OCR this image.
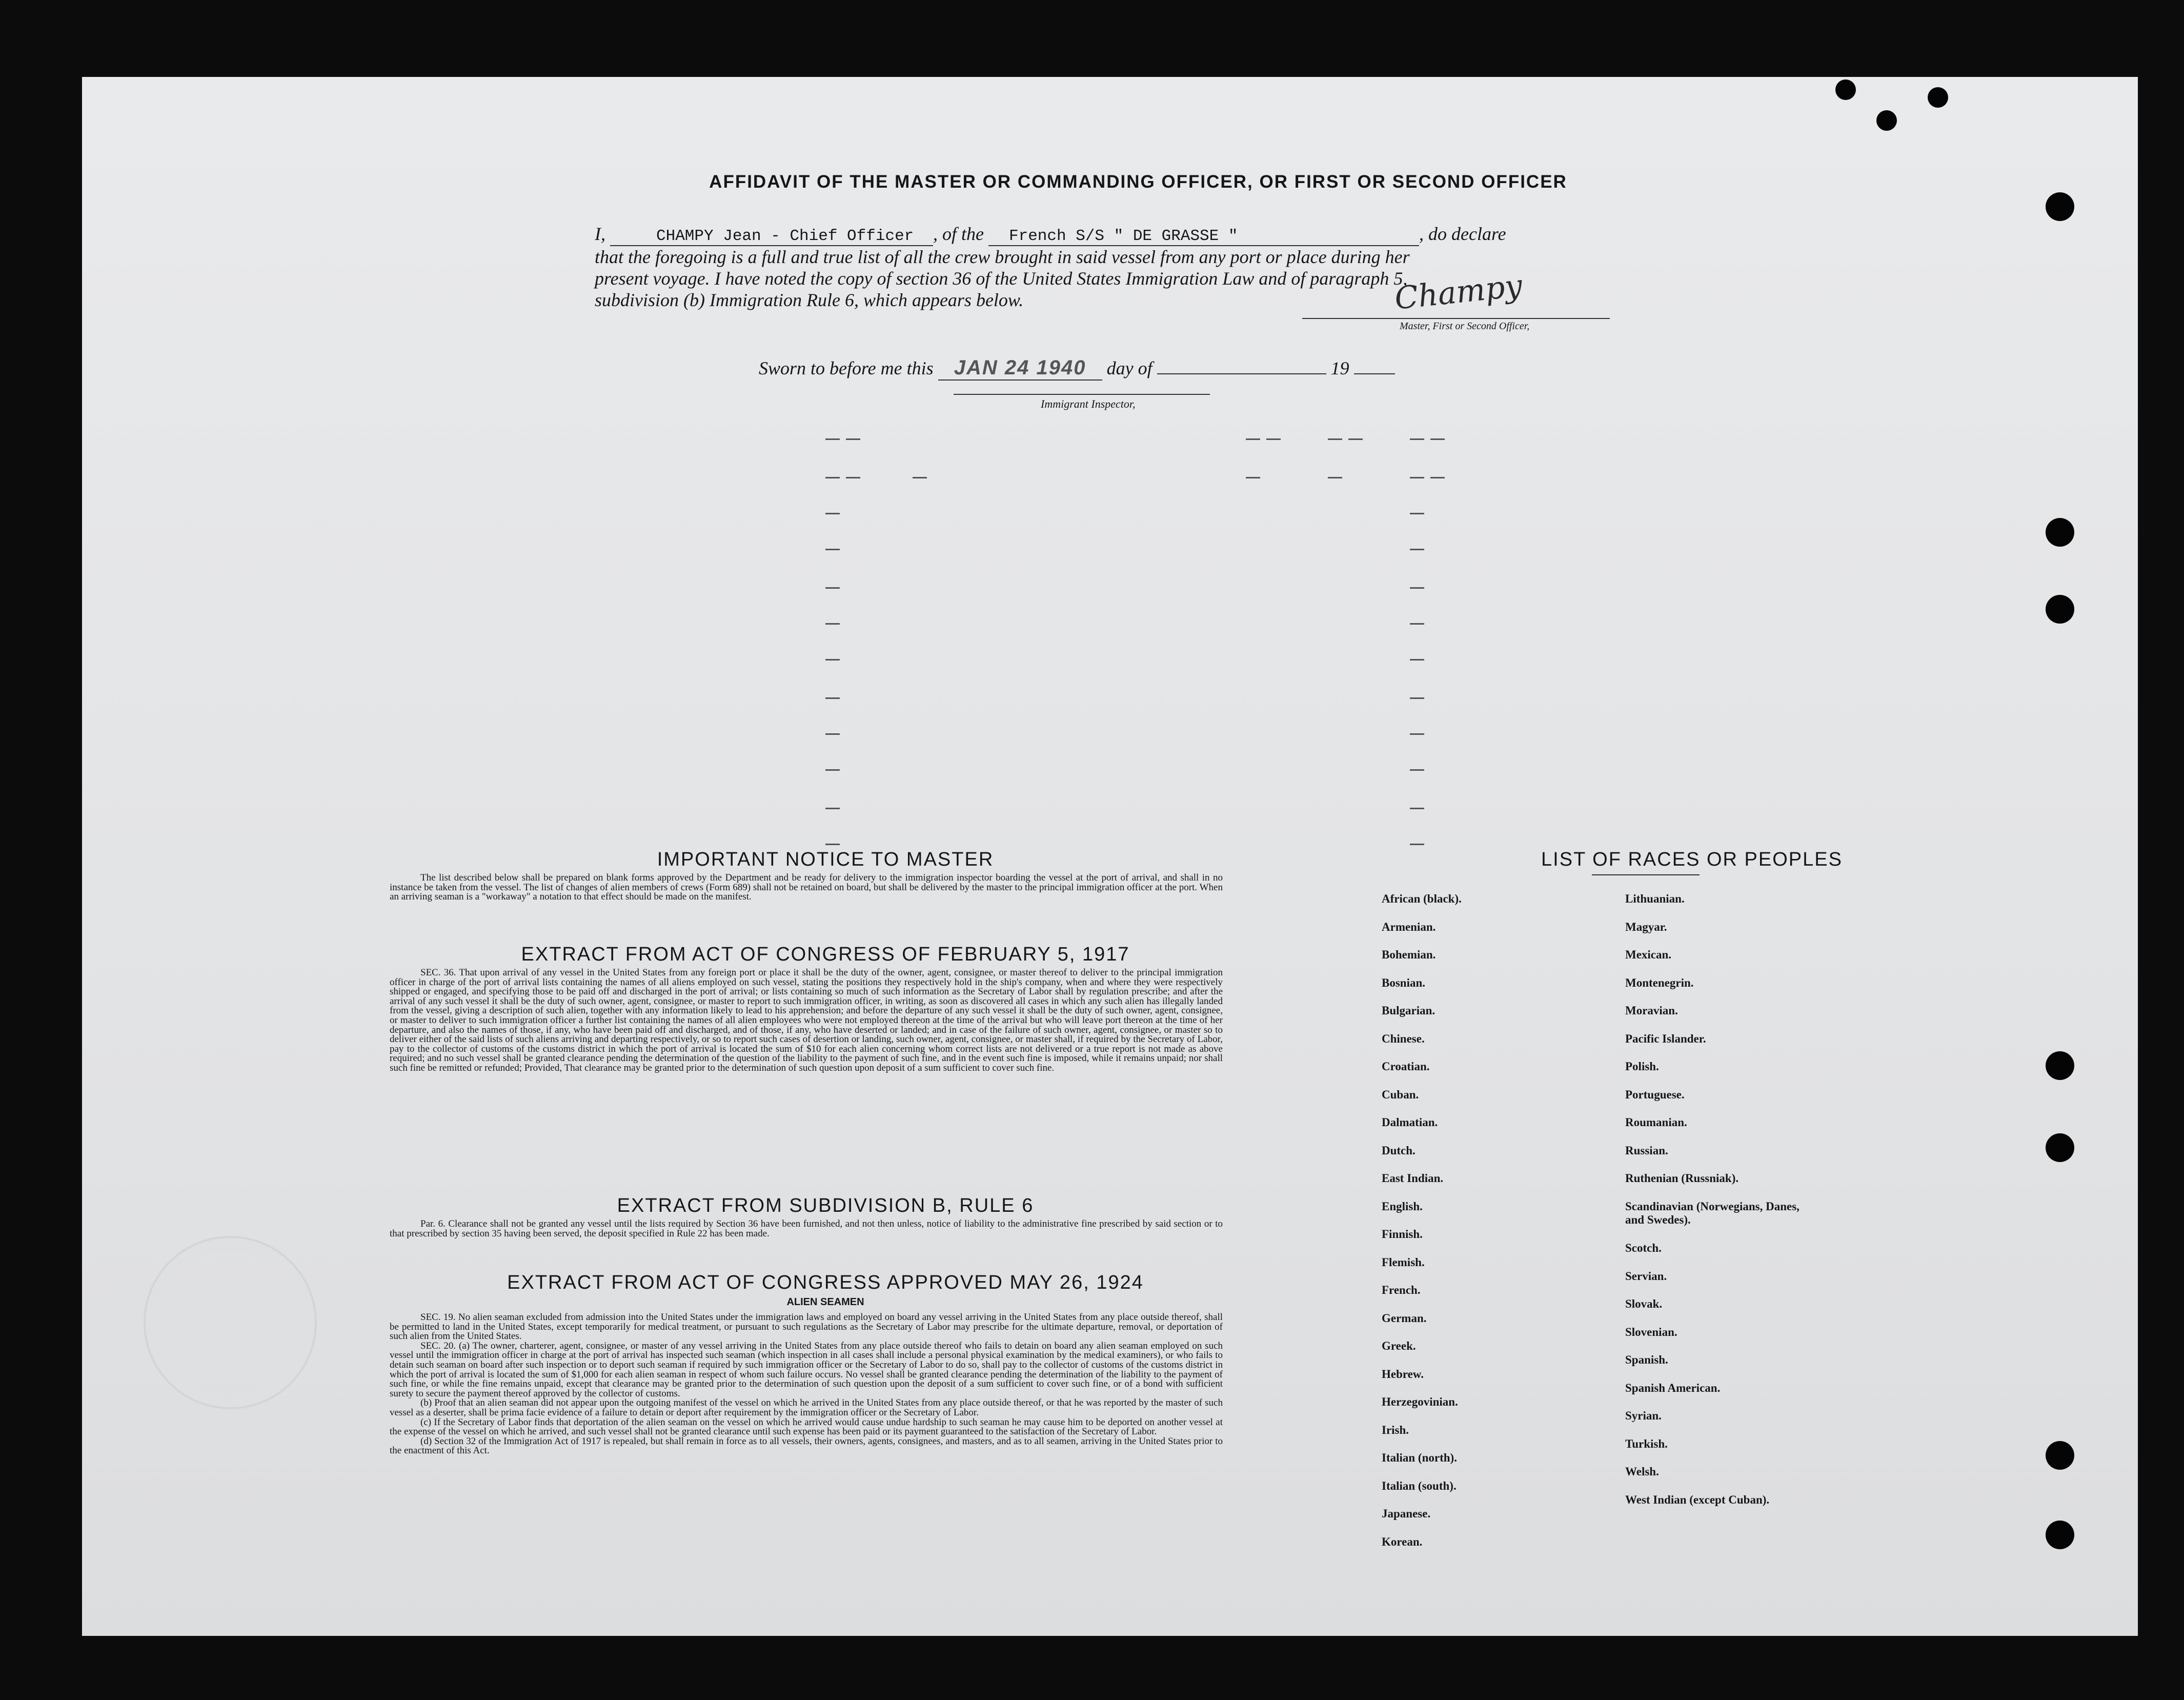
AFFIDAVIT OF THE MASTER OR COMMANDING OFFICER, OR FIRST OR SECOND OFFICER
I,	CHAMPY Jean - Chief Officer , of the French S/S " DE GRASSE "	, do declare
that the foregoing is a full and true list of all the crew brought in said vessel from any port or place during her
present voyage. I have noted the copy of section 36 of the United States Immigration Law and of paragraph 5,
subdivision (b) Immigration Rule 6, which appears below.	Champy
Master, First or Second Officer,
Sworn to before me this JAN 24 1940 day of	19
Immigrant Inspector,
IMPORTANT NOTICE TO MASTER
The list described below shall be prepared on blank forms approved by the Department and be ready for delivery to the immigration inspector boarding the vessel at the port of arrival, and shall in no instance be taken from the vessel. The list of changes of alien members of crews (Form 689) shall not be retained on board, but shall be delivered by the master to the principal immigration officer at the port. When an arriving seaman is a "workaway" a notation to that effect should be made on the manifest.
EXTRACT FROM ACT OF CONGRESS OF FEBRUARY 5, 1917
SEC. 36. That upon arrival of any vessel in the United States from any foreign port or place it shall be the duty of the owner, agent, consignee, or master thereof to deliver to the principal immigration officer in charge of the port of arrival lists containing the names of all aliens employed on such vessel, stating the positions they respectively hold in the ship's company, when and where they were respectively shipped or engaged, and specifying those to be paid off and discharged in the port of arrival; or lists containing so much of such information as the Secretary of Labor shall by regulation prescribe; and after the arrival of any such vessel it shall be the duty of such owner, agent, consignee, or master to report to such immigration officer, in writing, as soon as discovered all cases in which any such alien has illegally landed from the vessel, giving a description of such alien, together with any information likely to lead to his apprehension; and before the departure of any such vessel it shall be the duty of such owner, agent, consignee, or master to deliver to such immigration officer a further list containing the names of all alien employees who were not employed thereon at the time of the arrival but who will leave port thereon at the time of her departure, and also the names of those, if any, who have been paid off and discharged, and of those, if any, who have deserted or landed; and in case of the failure of such owner, agent, consignee, or master so to deliver either of the said lists of such aliens arriving and departing respectively, or so to report such cases of desertion or landing, such owner, agent, consignee, or master shall, if required by the Secretary of Labor, pay to the collector of customs of the customs district in which the port of arrival is located the sum of $10 for each alien concerning whom correct lists are not delivered or a true report is not made as above required; and no such vessel shall be granted clearance pending the determination of the question of the liability to the payment of such fine, and in the event such fine is imposed, while it remains unpaid; nor shall such fine be remitted or refunded; Provided, That clearance may be granted prior to the determination of such question upon deposit of a sum sufficient to cover such fine.
EXTRACT FROM SUBDIVISION B, RULE 6
Par. 6. Clearance shall not be granted any vessel until the lists required by Section 36 have been furnished, and not then unless, notice of liability to the administrative fine prescribed by said section or to that prescribed by section 35 having been served, the deposit specified in Rule 22 has been made.
EXTRACT FROM ACT OF CONGRESS APPROVED MAY 26, 1924
ALIEN SEAMEN
SEC. 19. No alien seaman excluded from admission into the United States under the immigration laws and employed on board any vessel arriving in the United States from any place outside thereof, shall be permitted to land in the United States, except temporarily for medical treatment, or pursuant to such regulations as the Secretary of Labor may prescribe for the ultimate departure, removal, or deportation of such alien from the United States.
SEC. 20. (a) The owner, charterer, agent, consignee, or master of any vessel arriving in the United States from any place outside thereof who fails to detain on board any alien seaman employed on such vessel until the immigration officer in charge at the port of arrival has inspected such seaman (which inspection in all cases shall include a personal physical examination by the medical examiners), or who fails to detain such seaman on board after such inspection or to deport such seaman if required by such immigration officer or the Secretary of Labor to do so, shall pay to the collector of customs of the customs district in which the port of arrival is located the sum of $1,000 for each alien seaman in respect of whom such failure occurs. No vessel shall be granted clearance pending the determination of the liability to the payment of such fine, or while the fine remains unpaid, except that clearance may be granted prior to the determination of such question upon the deposit of a sum sufficient to cover such fine, or of a bond with sufficient surety to secure the payment thereof approved by the collector of customs.
(b) Proof that an alien seaman did not appear upon the outgoing manifest of the vessel on which he arrived in the United States from any place outside thereof, or that he was reported by the master of such vessel as a deserter, shall be prima facie evidence of a failure to detain or deport after requirement by the immigration officer or the Secretary of Labor.
(c) If the Secretary of Labor finds that deportation of the alien seaman on the vessel on which he arrived would cause undue hardship to such seaman he may cause him to be deported on another vessel at the expense of the vessel on which he arrived, and such vessel shall not be granted clearance until such expense has been paid or its payment guaranteed to the satisfaction of the Secretary of Labor.
(d) Section 32 of the Immigration Act of 1917 is repealed, but shall remain in force as to all vessels, their owners, agents, consignees, and masters, and as to all seamen, arriving in the United States prior to the enactment of this Act.
LIST OF RACES OR PEOPLES
African (black).
Armenian.
Bohemian.
Bosnian.
Bulgarian.
Chinese.
Croatian.
Cuban.
Dalmatian.
Dutch.
East Indian.
English.
Finnish.
Flemish.
French.
German.
Greek.
Hebrew.
Herzegovinian.
Irish.
Italian (north).
Italian (south).
Japanese.
Korean.
Lithuanian.
Magyar.
Mexican.
Montenegrin.
Moravian.
Pacific Islander.
Polish.
Portuguese.
Roumanian.
Russian.
Ruthenian (Russniak).
Scandinavian (Norwegians, Danes, and Swedes).
Scotch.
Servian.
Slovak.
Slovenian.
Spanish.
Spanish American.
Syrian.
Turkish.
Welsh.
West Indian (except Cuban).
